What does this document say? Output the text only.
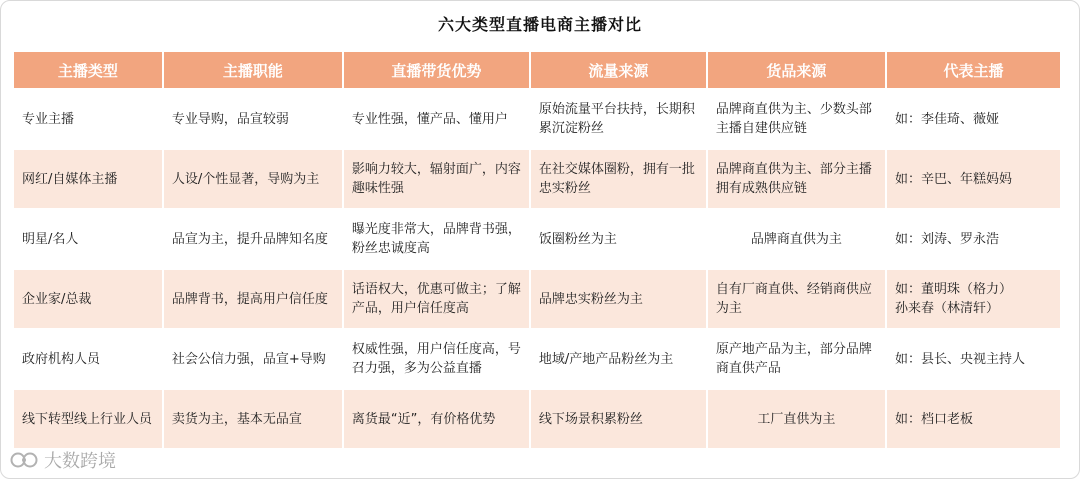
六大类型直播电商主播对比
主播类型	主播职能	直播带货优势	流量来源	货品来源	代表主播
专业主播	专业导购，品宣较弱	专业性强，懂产品、懂用户	原始流量平台扶持，长期积累沉淀粉丝	品牌商直供为主、少数头部主播自建供应链	如：李佳琦、薇娅
网红/自媒体主播	人设/个性显著，导购为主	影响力较大，辐射面广，内容趣味性强	在社交媒体圈粉，拥有一批忠实粉丝	品牌商直供为主、部分主播拥有成熟供应链	如：辛巴、年糕妈妈
明星/名人	品宣为主，提升品牌知名度	曝光度非常大，品牌背书强，粉丝忠诚度高	饭圈粉丝为主	品牌商直供为主	如：刘涛、罗永浩
企业家/总裁	品牌背书，提高用户信任度	话语权大，优惠可做主；了解产品，用户信任度高	品牌忠实粉丝为主	自有厂商直供、经销商供应为主	如：董明珠（格力）
孙来春（林清轩）
政府机构人员	社会公信力强，品宣+导购	权威性强，用户信任度高，号召力强，多为公益直播	地域/产地产品粉丝为主	原产地产品为主，部分品牌商直供产品	如：县长、央视主持人
线下转型线上行业人员	卖货为主，基本无品宣	离货最“近”，有价格优势	线下场景积累粉丝	工厂直供为主	如：档口老板
大数跨境
